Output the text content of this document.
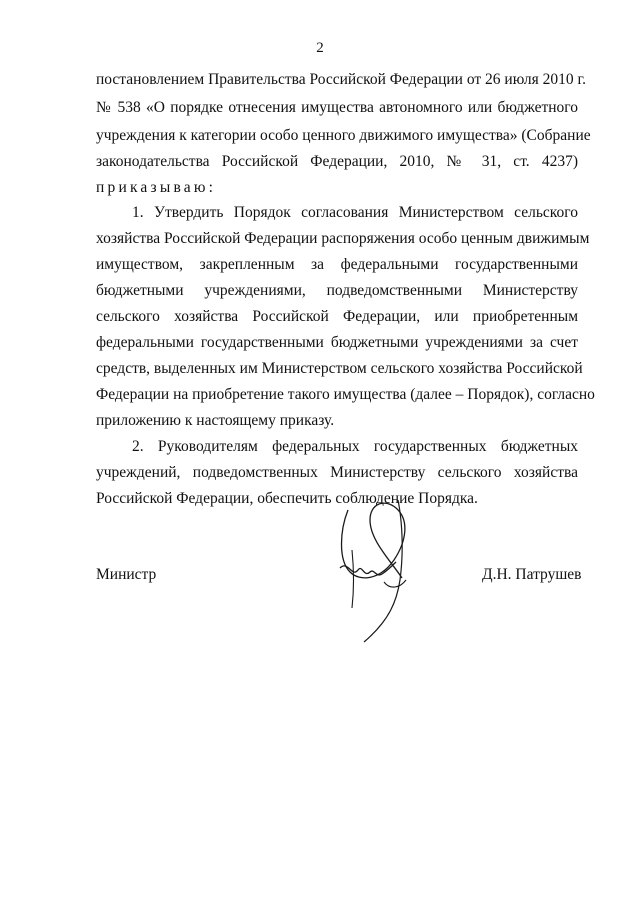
2
постановлением Правительства Российской Федерации от 26 июля 2010 г.
№ 538 «О порядке отнесения имущества автономного или бюджетного
учреждения к категории особо ценного движимого имущества» (Собрание
законодательства Российской Федерации, 2010, № 31, ст. 4237)
приказываю:
1. Утвердить Порядок согласования Министерством сельского
хозяйства Российской Федерации распоряжения особо ценным движимым
имуществом, закрепленным за федеральными государственными
бюджетными учреждениями, подведомственными Министерству
сельского хозяйства Российской Федерации, или приобретенным
федеральными государственными бюджетными учреждениями за счет
средств, выделенных им Министерством сельского хозяйства Российской
Федерации на приобретение такого имущества (далее – Порядок), согласно
приложению к настоящему приказу.
2. Руководителям федеральных государственных бюджетных
учреждений, подведомственных Министерству сельского хозяйства
Российской Федерации, обеспечить соблюдение Порядка.
Министр	Д.Н. Патрушев
